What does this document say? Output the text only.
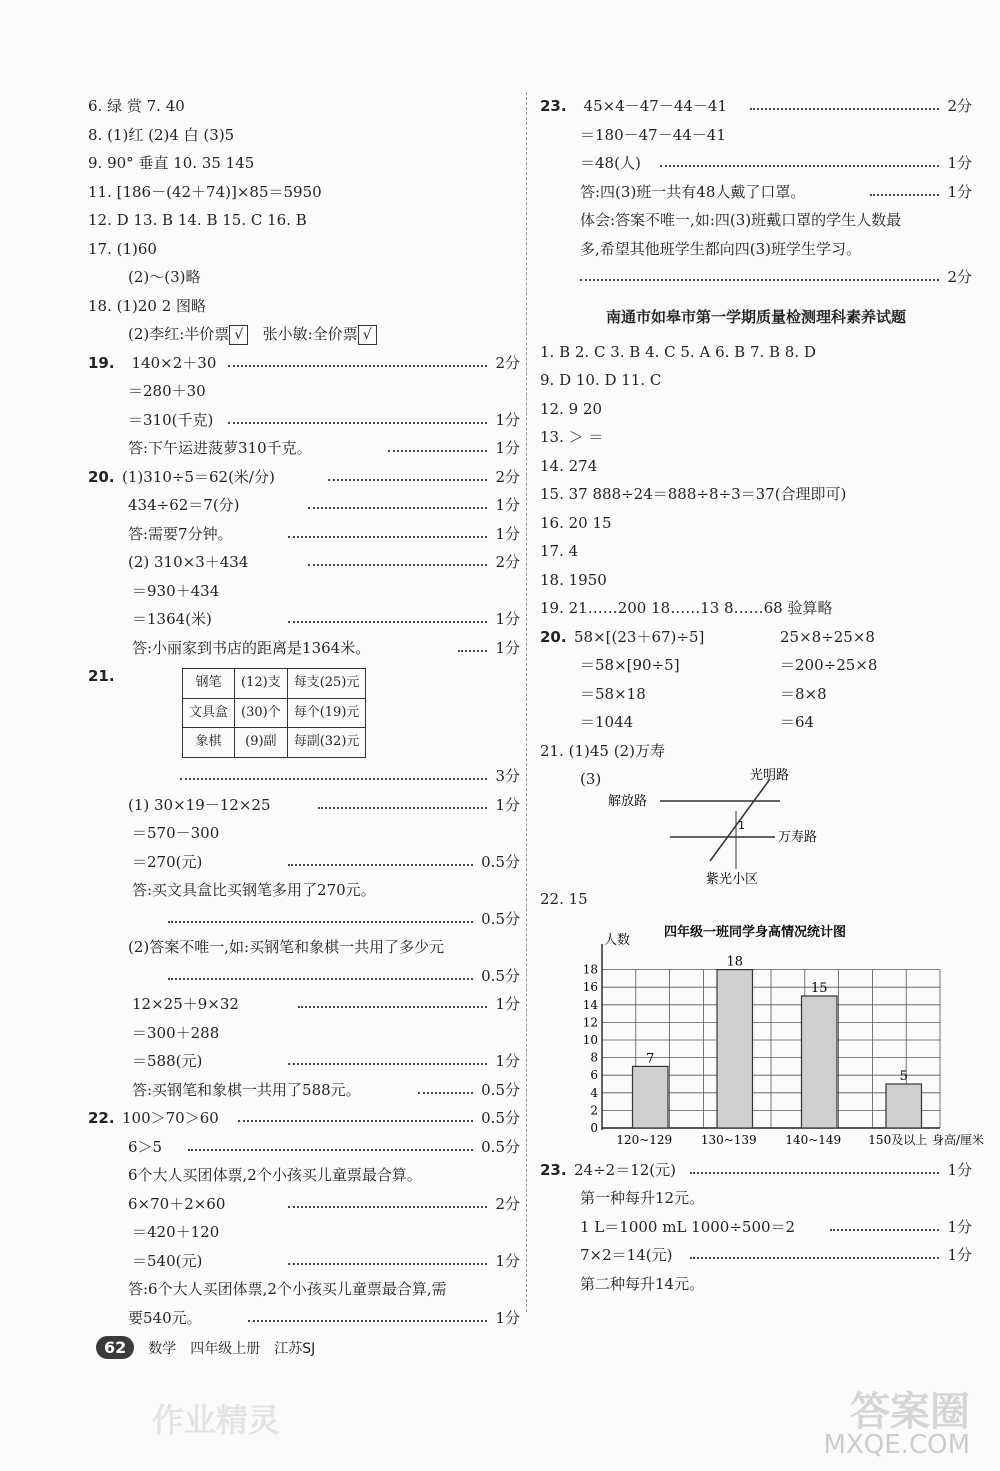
6. 绿 赏 7. 40
8. (1)红 (2)4 白 (3)5
9. 90° 垂直 10. 35 145
11. [186－(42＋74)]×85＝5950
12. D 13. B 14. B 15. C 16. B
17. (1)60
(2)～(3)略
18. (1)20 2 图略
(2)李红:半价票 √ 张小敏:全价票 √
19. 140×2＋30	2分
＝280＋30
＝310(千克)	1分
答:下午运进菠萝310千克。	1分
20. (1)310÷5＝62(米/分)	2分
434÷62＝7(分)	1分
答:需要7分钟。	1分
(2) 310×3＋434	2分
＝930＋434
＝1364(米)	1分
答:小丽家到书店的距离是1364米。	1分
21.	钢笔	(12)支	每支(25)元
文具盒	(30)个	每个(19)元
象棋	(9)副	每副(32)元
3分
(1) 30×19－12×25	1分
＝570－300
＝270(元)	0.5分
答:买文具盒比买钢笔多用了270元。
0.5分
(2)答案不唯一,如:买钢笔和象棋一共用了多少元
0.5分
12×25＋9×32	1分
＝300＋288
＝588(元)	1分
答:买钢笔和象棋一共用了588元。	0.5分
22. 100＞70＞60	0.5分
6＞5	0.5分
6个大人买团体票,2个小孩买儿童票最合算。
6×70＋2×60	2分
＝420＋120
＝540(元)	1分
答:6个大人买团体票,2个小孩买儿童票最合算,需
要540元。	1分
23. 45×4－47－44－41	2分
＝180－47－44－41
＝48(人)	1分
答:四(3)班一共有48人戴了口罩。	1分
体会:答案不唯一,如:四(3)班戴口罩的学生人数最
多,希望其他班学生都向四(3)班学生学习。
2分
南通市如皋市第一学期质量检测理科素养试题
1. B 2. C 3. B 4. C 5. A 6. B 7. B 8. D
9. D 10. D 11. C
12. 9 20
13. ＞ ＝
14. 274
15. 37 888÷24＝888÷8÷3＝37(合理即可)
16. 20 15
17. 4
18. 1950
19. 21……200 18……13 8……68 验算略
20. 58×[(23＋67)÷5]	25×8÷25×8
＝58×[90÷5]	＝200÷25×8
＝58×18	＝8×8
＝1044	＝64
21. (1)45 (2)万寿
(3)	光明路
解放路
万寿路
紫光小区
1
22. 15
四年级一班同学身高情况统计图
0
2
4
6
8
10
12
14
16
18
人数
7
120~129
18
130~139
15
140~149
5
150及以上 身高/厘米
23. 24÷2＝12(元)	1分
第一种每升12元。
1 L＝1000 mL 1000÷500＝2	1分
7×2＝14(元)	1分
第二种每升14元。
62	数学 四年级上册 江苏SJ
作业精灵	答案圈
MXQE.COM
